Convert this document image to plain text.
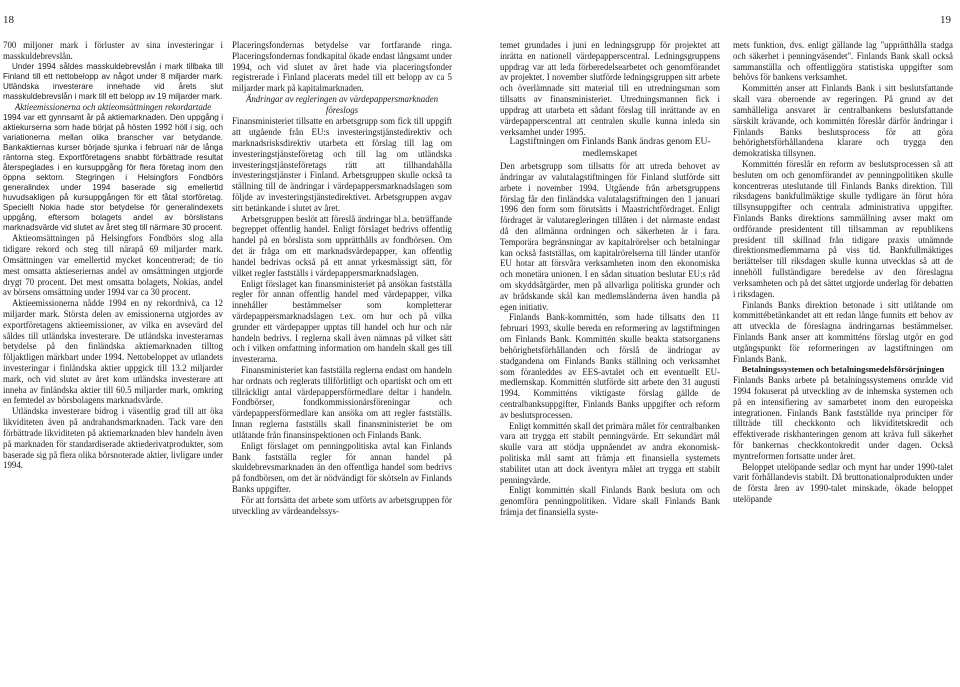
18	19

700 miljoner mark i förluster av sina investeringar i masskuldebrevslån.

Under 1994 såldes masskuldebrevslån i mark tillbaka till Finland till ett nettobelopp av något under 8 miljarder mark. Utländska investerare innehade vid årets slut masskuldebrevslån i mark till ett belopp av 19 miljarder mark.

Aktieemissionerna och aktieomsättningen rekordartade

1994 var ett gynnsamt år på aktiemarknaden. Den uppgång i aktiekurserna som hade börjat på hösten 1992 höll i sig, och variationerna mellan olika branscher var betydande. Bankaktiernas kurser började sjunka i februari när de långa räntorna steg. Exportföretagens snabbt förbättrade resultat återspeglades i en kursuppgång för flera företag inom den öppna sektorn. Stegringen i Helsingfors Fondbörs generalindex under 1994 baserade sig emellertid huvudsakligen på kursuppgången för ett fåtal storföretag. Speciellt Nokia hade stor betydelse för generalindexets uppgång, eftersom bolagets andel av börslistans marknadsvärde vid slutet av året steg till närmare 30 procent.

Aktieomsättningen på Helsingfors Fondbörs slog alla tidigare rekord och steg till närapå 69 miljarder mark. Omsättningen var emellertid mycket koncentrerad; de tio mest omsatta aktieseriernas andel av omsättningen utgjorde drygt 70 procent. Det mest omsatta bolagets, Nokias, andel av börsens omsättning under 1994 var ca 30 procent.

Aktieemissionerna nådde 1994 en ny rekordnivå, ca 12 miljarder mark. Största delen av emissionerna utgjordes av exportföretagens aktieemissioner, av vilka en avsevärd del såldes till utländska investerare. De utländska investerarnas betydelse på den finländska aktiemarknaden tilltog följaktligen märkbart under 1994. Nettobeloppet av utlandets investeringar i finländska aktier uppgick till 13.2 miljarder mark, och vid slutet av året kom utländska investerare att inneha av finländska aktier till 60.5 miljarder mark, omkring en femtedel av börsbolagens marknadsvärde.

Utländska investerare bidrog i väsentlig grad till att öka likviditeten även på andrahandsmarknaden. Tack vare den förbättrade likviditeten på aktiemarknaden blev handeln även på marknaden för standardiserade aktiederivatprodukter, som baserade sig på flera olika börsnoterade aktier, livligare under 1994.

Placeringsfondernas betydelse var fortfarande ringa. Placeringsfondernas fondkapital ökade endast långsamt under 1994, och vid slutet av året hade via placeringsfonder registrerade i Finland placerats medel till ett belopp av ca 5 miljarder mark på kapitalmarknaden.

Ändringar av regleringen av värdepappersmarknaden föreslogs

Finansministeriet tillsatte en arbetsgrupp som fick till uppgift att utgående från EU:s investeringstjänstedirektiv och marknadsrisksdirektiv utarbeta ett förslag till lag om investeringstjänsteföretag och till lag om utländska investeringstjänsteföretags rätt att tillhandahålla investeringstjänster i Finland. Arbetsgruppen skulle också ta ställning till de ändringar i värdepappersmarknadslagen som följde av investeringstjänstedirektivet. Arbetsgruppen avgav sitt betänkande i slutet av året.

Arbetsgruppen beslöt att föreslå ändringar bl.a. beträffande begreppet offentlig handel. Enligt förslaget bedrivs offentlig handel på en börslista som upprätthålls av fondbörsen. Om det är fråga om ett marknadsvärdepapper, kan offentlig handel bedrivas också på ett annat yrkesmässigt sätt, för vilket regler fastställs i värdepappersmarknadslagen.

Enligt förslaget kan finansministeriet på ansökan fastställa regler för annan offentlig handel med värdepapper, vilka innehåller bestämmelser som kompletterar värdepappersmarknadslagen t.ex. om hur och på vilka grunder ett värdepapper upptas till handel och hur och när handeln bedrivs. I reglerna skall även nämnas på vilket sätt och i vilken omfattning information om handeln skall ges till investerarna.

Finansministeriet kan fastställa reglerna endast om handeln har ordnats och reglerats tillförlitligt och opartiskt och om ett tillräckligt antal värdepappersförmedlare deltar i handeln. Fondbörser, fondkommissionärsföreningar och värdepappersförmedlare kan ansöka om att regler fastställs. Innan reglerna fastställs skall finansministeriet be om utlåtande från finansinspektionen och Finlands Bank.

Enligt förslaget om penningpolitiska avtal kan Finlands Bank fastställa regler för annan handel på skuldebrevsmarknaden än den offentliga handel som bedrivs på fondbörsen, om det är nödvändigt för skötseln av Finlands Banks uppgifter.

För att fortsätta det arbete som utförts av arbetsgruppen för utveckling av värdeandelssys-

temet grundades i juni en ledningsgrupp för projektet att inrätta en nationell värdepapperscentral. Ledningsgruppens uppdrag var att leda förberedelsearbetet och genomförandet av projektet. I november slutförde ledningsgruppen sitt arbete och överlämnade sitt material till en utredningsman som tillsatts av finansministeriet. Utredningsmannen fick i uppdrag att utarbeta ett sådant förslag till inrättande av en värdepapperscentral att centralen skulle kunna inleda sin verksamhet under 1995.

Lagstiftningen om Finlands Bank ändras genom EU-medlemskapet

Den arbetsgrupp som tillsatts för att utreda behovet av ändringar av valutalagstiftningen för Finland slutförde sitt arbete i november 1994. Utgående från arbetsgruppens förslag får den finländska valutalagstiftningen den 1 januari 1996 den form som förutsätts i Maastrichtfördraget. Enligt fördraget är valutaregleringen tillåten i det närmaste endast då den allmänna ordningen och säkerheten är i fara. Temporära begränsningar av kapitalrörelser och betalningar kan också fastställas, om kapitalrörelserna till länder utanför EU hotar att försvåra verksamheten inom den ekonomiska och monetära unionen. I en sådan situation beslutar EU:s råd om skyddsåtgärder, men på allvarliga politiska grunder och av brådskande skäl kan medlemsländerna även handla på egen initiativ.

Finlands Bank-kommittén, som hade tillsatts den 11 februari 1993, skulle bereda en reformering av lagstiftningen om Finlands Bank. Kommittén skulle beakta statsorganens behörighetsförhållanden och förslå de ändringar av stadgandena om Finlands Banks ställning och verksamhet som föranleddes av EES-avtalet och ett eventuellt EU-medlemskap. Kommittén slutförde sitt arbete den 31 augusti 1994. Kommitténs viktigaste förslag gällde de centralbanksuppgifter, Finlands Banks uppgifter och reform av beslutsprocessen.

Enligt kommittén skall det primära målet för centralbanken vara att trygga ett stabilt penningvärde. Ett sekundärt mål skulle vara att stödja uppnåendet av andra ekonomisk-politiska mål samt att främja ett finansiella systemets stabilitet utan att dock äventyra målet att trygga ett stabilt penningvärde.

Enligt kommittén skall Finlands Bank besluta om och genomföra penningpolitiken. Vidare skall Finlands Bank främja det finansiella syste-

mets funktion, dvs. enligt gällande lag "upprätthålla stadga och säkerhet i penningväsendet". Finlands Bank skall också sammanställa och offentliggöra statistiska uppgifter som behövs för bankens verksamhet.

Kommittén anser att Finlands Bank i sitt beslutsfattande skall vara oberoende av regeringen. På grund av det samhälleliga ansvaret är centralbankens beslutsfattande särskilt krävande, och kommittén föreslår därför ändringar i Finlands Banks beslutsprocess för att göra behörighetsförhållandena klarare och trygga den demokratiska tillsynen.

Kommittén föreslår en reform av beslutsprocessen så att besluten om och genomförandet av penningpolitiken skulle koncentreras uteslutande till Finlands Banks direktion. Till riksdagens bankfullmäktige skulle tydligare än förut höra tillsynsuppgifter och centrala administrativa uppgifter. Finlands Banks direktions sammällning avser makt om ordförande presidentent till tillsamman av republikens president till skillnad från tidigare praxis utnämnde direktionsmedlemmarna på viss tid. Bankfullmäktiges beriättelser till riksdagen skulle kunna utvecklas så att de innehöll fullständigare beredelse av den föreslagna verksamheten och på det sättet utgjorde underlag för debatten i riksdagen.

Finlands Banks direktion betonade i sitt utlåtande om kommittébetänkandet att ett redan långe funnits ett behov av att utveckla de föreslagna ändringarnas bestämmelser. Finlands Bank anser att kommitténs förslag utgör en god utgångspunkt för reformeringen av lagstiftningen om Finlands Bank.

Betalningssystemen och betalningsmedelsförsörjningen

Finlands Banks arbete på betalningssystemens område vid 1994 fokuserat på utveckling av de inhemska systemen och på en intensifiering av samarbetet inom den europeiska integrationen. Finlands Bank fastställde nya principer för tillträde till checkkonto och likviditetskredit och effektiverade riskhanteringen genom att kräva full säkerhet för bankernas checkkontokredit under dagen. Också myntreformen fortsatte under året.

Beloppet utelöpande sedlar och mynt har under 1990-talet varit förhållandevis stabilt. Då bruttonationalprodukten under de första åren av 1990-talet minskade, ökade beloppet utelöpande
